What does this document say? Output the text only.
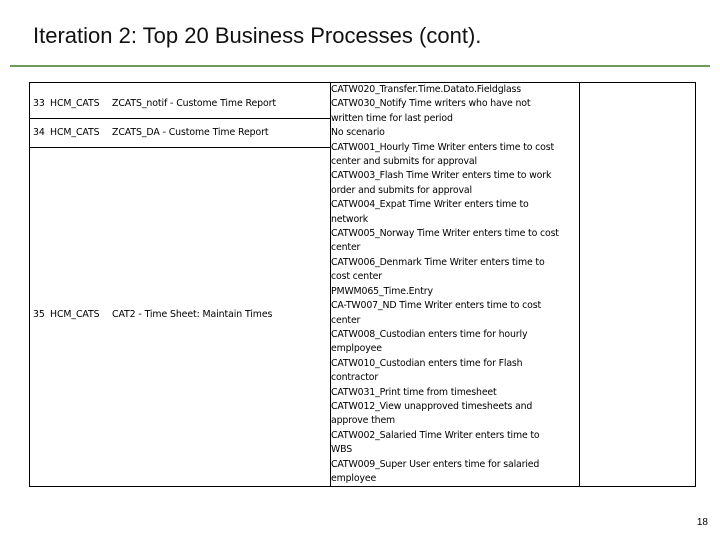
Iteration 2: Top 20 Business Processes (cont).
33 HCM_CATS ZCATS_notif - Custome Time Report
34 HCM_CATS ZCATS_DA - Custome Time Report
35 HCM_CATS CAT2 - Time Sheet: Maintain Times
CATW020_Transfer.Time.Datato.Fieldglass
CATW030_Notify Time writers who have not
written time for last period
No scenario
CATW001_Hourly Time Writer enters time to cost
center and submits for approval
CATW003_Flash Time Writer enters time to work
order and submits for approval
CATW004_Expat Time Writer enters time to
network
CATW005_Norway Time Writer enters time to cost
center
CATW006_Denmark Time Writer enters time to
cost center
PMWM065_Time.Entry
CA-TW007_ND Time Writer enters time to cost
center
CATW008_Custodian enters time for hourly
emplpoyee
CATW010_Custodian enters time for Flash
contractor
CATW031_Print time from timesheet
CATW012_View unapproved timesheets and
approve them
CATW002_Salaried Time Writer enters time to
WBS
CATW009_Super User enters time for salaried
employee
18
